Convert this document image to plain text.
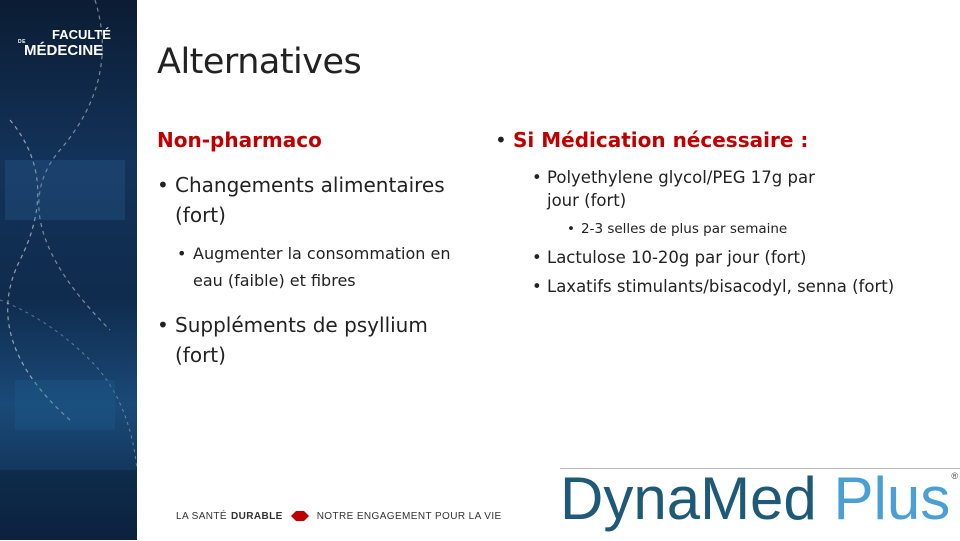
DE FACULTÉ
MÉDECINE Alternatives
Non-pharmaco
• Changements alimentaires (fort)
• Augmenter la consommation en eau (faible) et fibres
• Suppléments de psyllium (fort)
• Si Médication nécessaire :
• Polyethylene glycol/PEG 17g par jour (fort)
• 2-3 selles de plus par semaine
• Lactulose 10-20g par jour (fort)
• Laxatifs stimulants/bisacodyl, senna (fort)
LA SANTÉ DURABLE	NOTRE ENGAGEMENT POUR LA VIE DynaMed Plus ®
